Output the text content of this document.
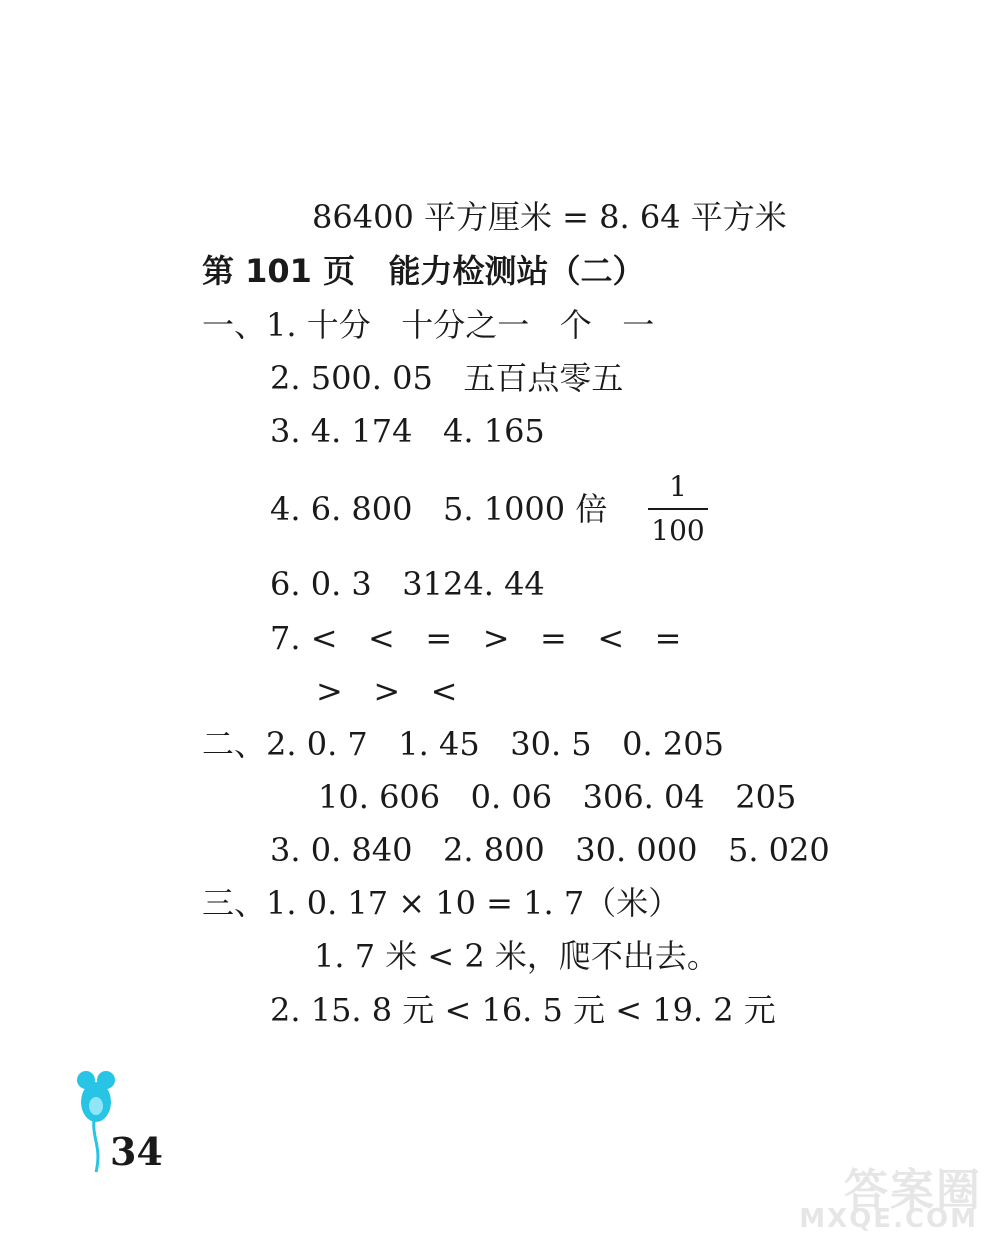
86400 平方厘米 = 8. 64 平方米
第 101 页   能力检测站（二）
一、1. 十分   十分之一   个   一
2. 500. 05   五百点零五
3. 4. 174   4. 165
4. 6. 800   5. 1000 倍
1
100
6. 0. 3   3124. 44
7. <   <   =   >   =   <   =
>   >   <
二、2. 0. 7   1. 45   30. 5   0. 205
10. 606   0. 06   306. 04   205
3. 0. 840   2. 800   30. 000   5. 020
三、1. 0. 17 × 10 = 1. 7（米）
1. 7 米 < 2 米，爬不出去。
2. 15. 8 元 < 16. 5 元 < 19. 2 元
34
答案圈
MXQE.COM
